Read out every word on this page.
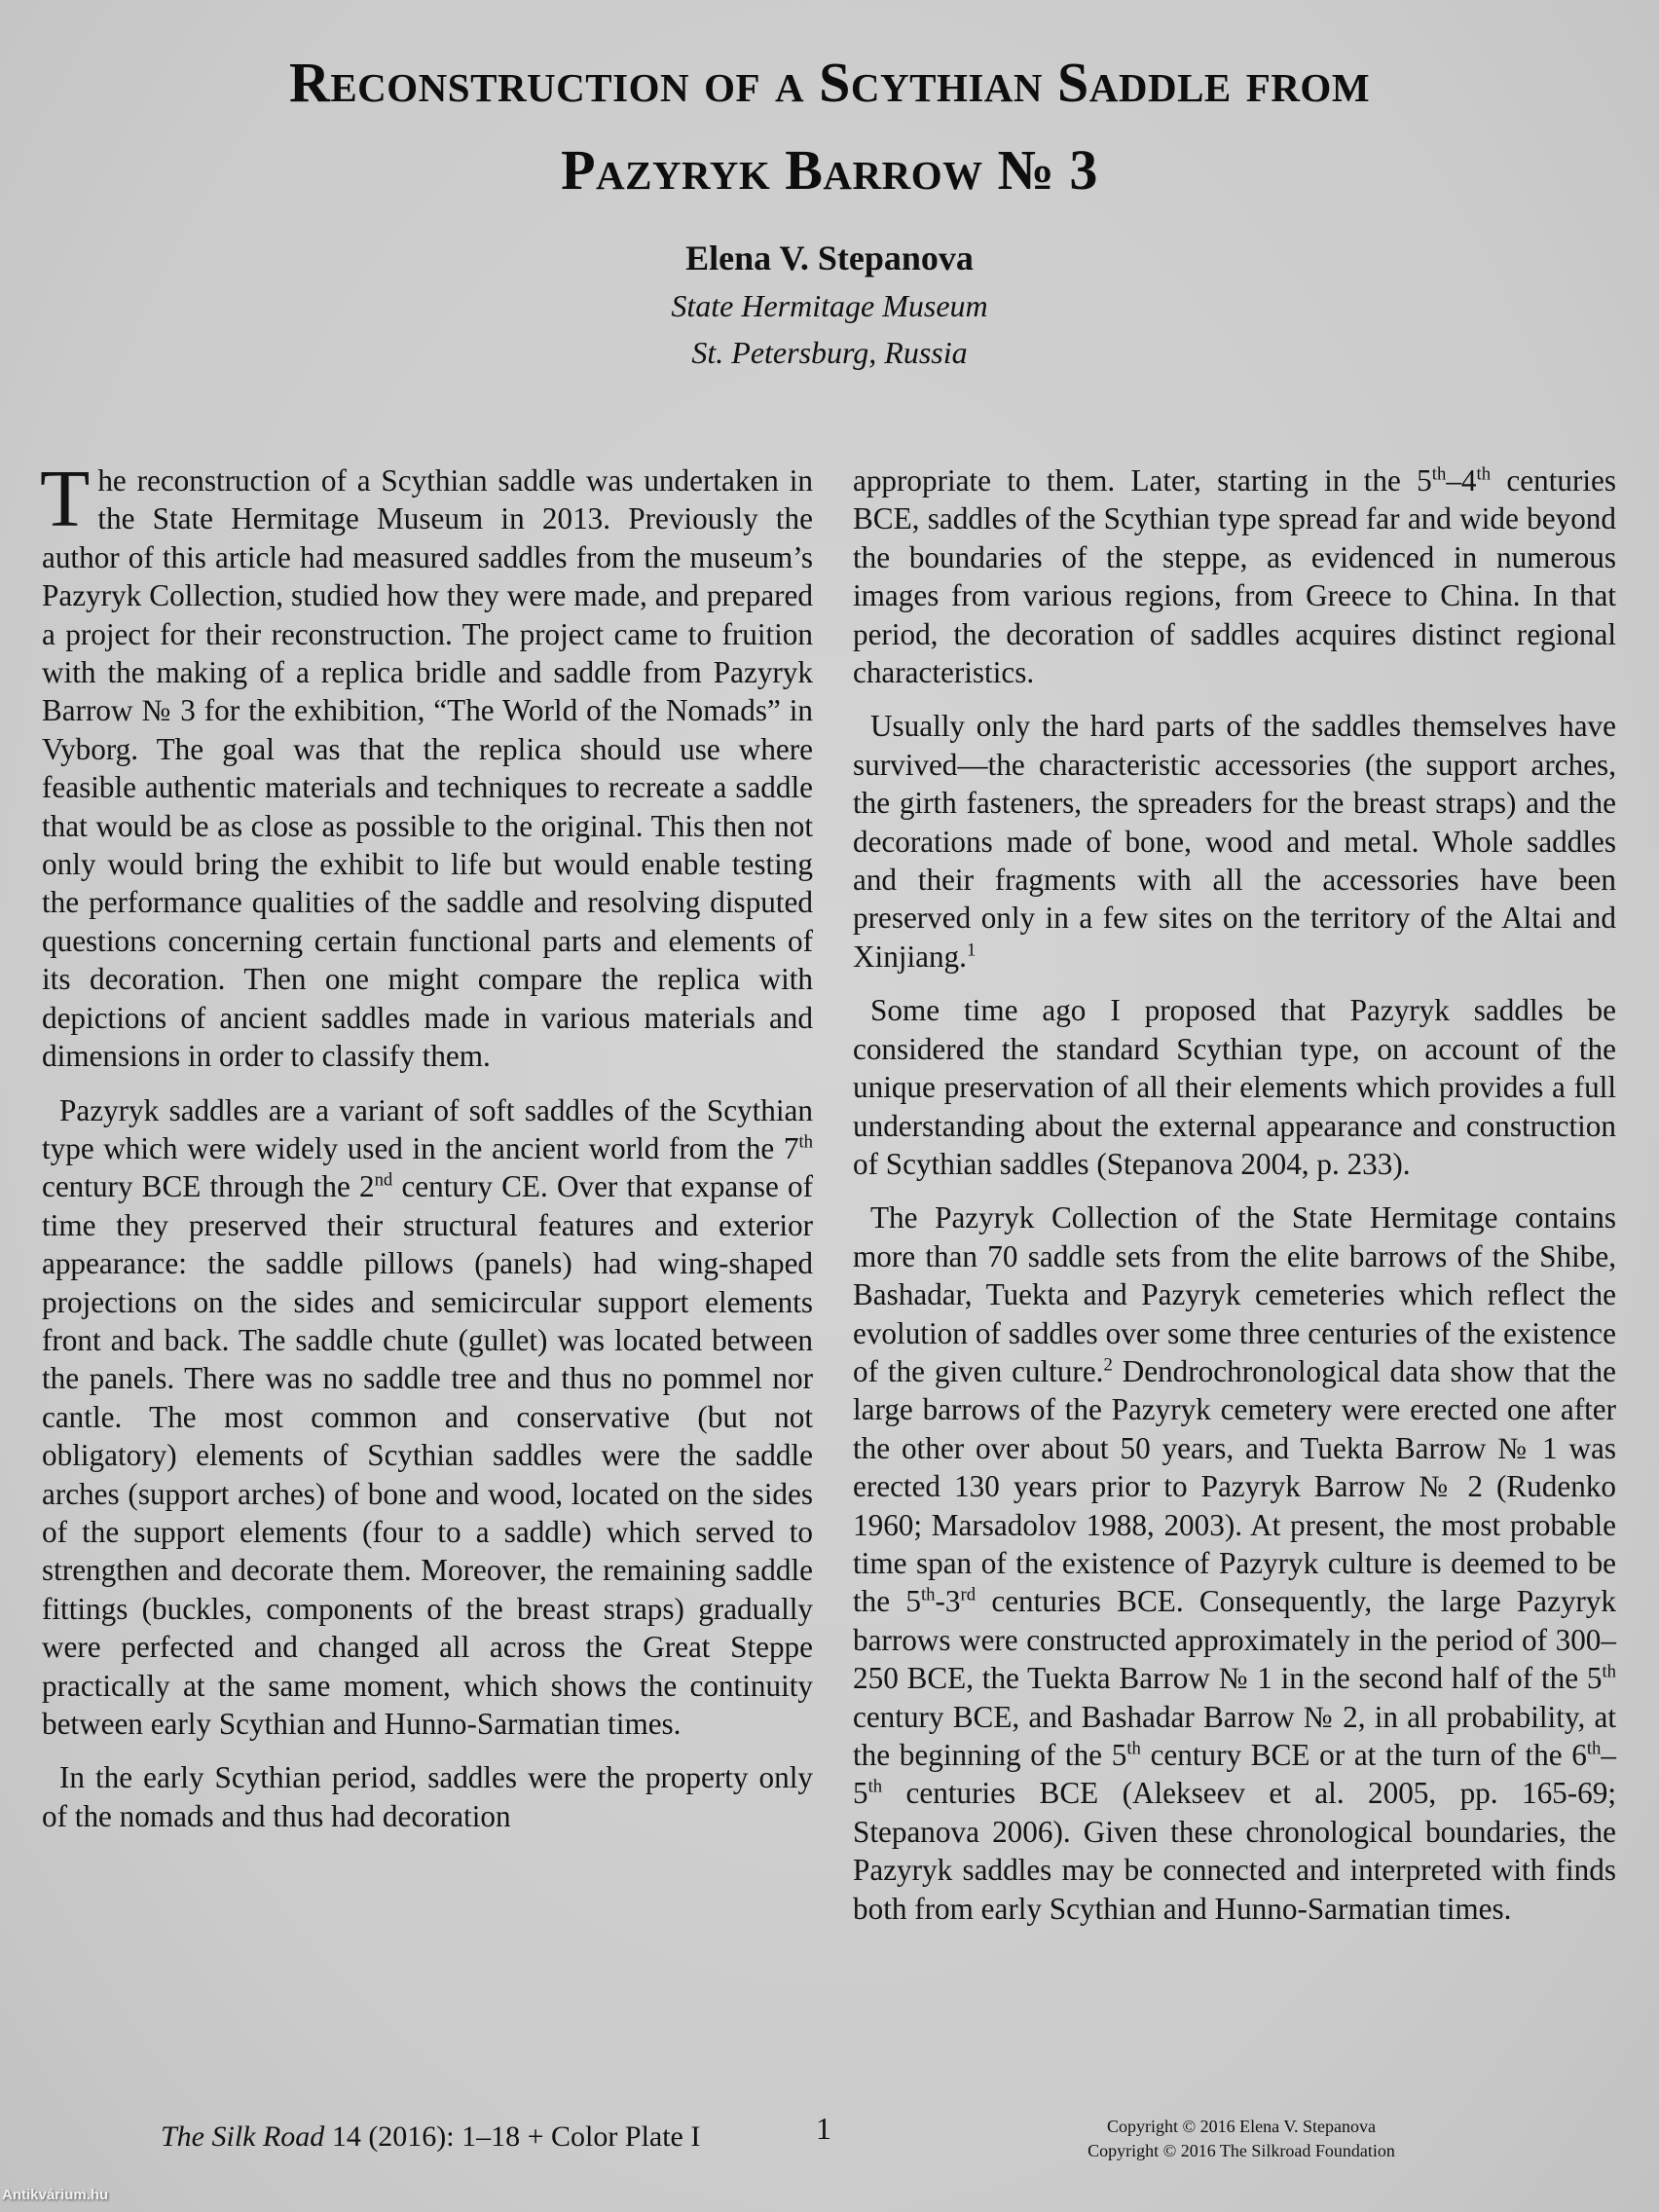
Reconstruction of a Scythian Saddle from
Pazyryk Barrow № 3
Elena V. Stepanova
State Hermitage Museum
St. Petersburg, Russia

The reconstruction of a Scythian saddle was undertaken in the State Hermitage Museum in 2013. Previously the author of this article had measured saddles from the museum’s Pazyryk Collection, studied how they were made, and prepared a project for their reconstruction. The project came to fruition with the making of a replica bridle and saddle from Pazyryk Barrow № 3 for the exhibition, “The World of the Nomads” in Vyborg. The goal was that the replica should use where feasible authentic materials and techniques to recreate a saddle that would be as close as possible to the original. This then not only would bring the exhibit to life but would enable testing the performance qualities of the saddle and resolving disputed questions concerning certain functional parts and elements of its decoration. Then one might compare the replica with depictions of ancient saddles made in various materials and dimensions in order to classify them.

Pazyryk saddles are a variant of soft saddles of the Scythian type which were widely used in the ancient world from the 7th century BCE through the 2nd century CE. Over that expanse of time they preserved their structural features and exterior appearance: the saddle pillows (panels) had wing-shaped projections on the sides and semicircular support elements front and back. The saddle chute (gullet) was located between the panels. There was no saddle tree and thus no pommel nor cantle. The most common and conservative (but not obligatory) elements of Scythian saddles were the saddle arches (support arches) of bone and wood, located on the sides of the support elements (four to a saddle) which served to strengthen and decorate them. Moreover, the remaining saddle fittings (buckles, components of the breast straps) gradually were perfected and changed all across the Great Steppe practically at the same moment, which shows the continuity between early Scythian and Hunno-Sarmatian times.

In the early Scythian period, saddles were the property only of the nomads and thus had decoration

appropriate to them. Later, starting in the 5th–4th centuries BCE, saddles of the Scythian type spread far and wide beyond the boundaries of the steppe, as evidenced in numerous images from various regions, from Greece to China. In that period, the decoration of saddles acquires distinct regional characteristics.

Usually only the hard parts of the saddles themselves have survived—the characteristic accessories (the support arches, the girth fasteners, the spreaders for the breast straps) and the decorations made of bone, wood and metal. Whole saddles and their fragments with all the accessories have been preserved only in a few sites on the territory of the Altai and Xinjiang.$^1$

Some time ago I proposed that Pazyryk saddles be considered the standard Scythian type, on account of the unique preservation of all their elements which provides a full understanding about the external appearance and construction of Scythian saddles (Stepanova 2004, p. 233).

The Pazyryk Collection of the State Hermitage contains more than 70 saddle sets from the elite barrows of the Shibe, Bashadar, Tuekta and Pazyryk cemeteries which reflect the evolution of saddles over some three centuries of the existence of the given culture.$^2$ Dendrochronological data show that the large barrows of the Pazyryk cemetery were erected one after the other over about 50 years, and Tuekta Barrow № 1 was erected 130 years prior to Pazyryk Barrow № 2 (Rudenko 1960; Marsadolov 1988, 2003). At present, the most probable time span of the existence of Pazyryk culture is deemed to be the 5th-3rd centuries BCE. Consequently, the large Pazyryk barrows were constructed approximately in the period of 300–250 BCE, the Tuekta Barrow № 1 in the second half of the 5th century BCE, and Bashadar Barrow № 2, in all probability, at the beginning of the 5th century BCE or at the turn of the 6th–5th centuries BCE (Alekseev et al. 2005, pp. 165-69; Stepanova 2006). Given these chronological boundaries, the Pazyryk saddles may be connected and interpreted with finds both from early Scythian and Hunno-Sarmatian times.

The Silk Road 14 (2016): 1–18 + Color Plate I	1	Copyright © 2016 Elena V. Stepanova
Copyright © 2016 The Silkroad Foundation
Antikvárium.hu
